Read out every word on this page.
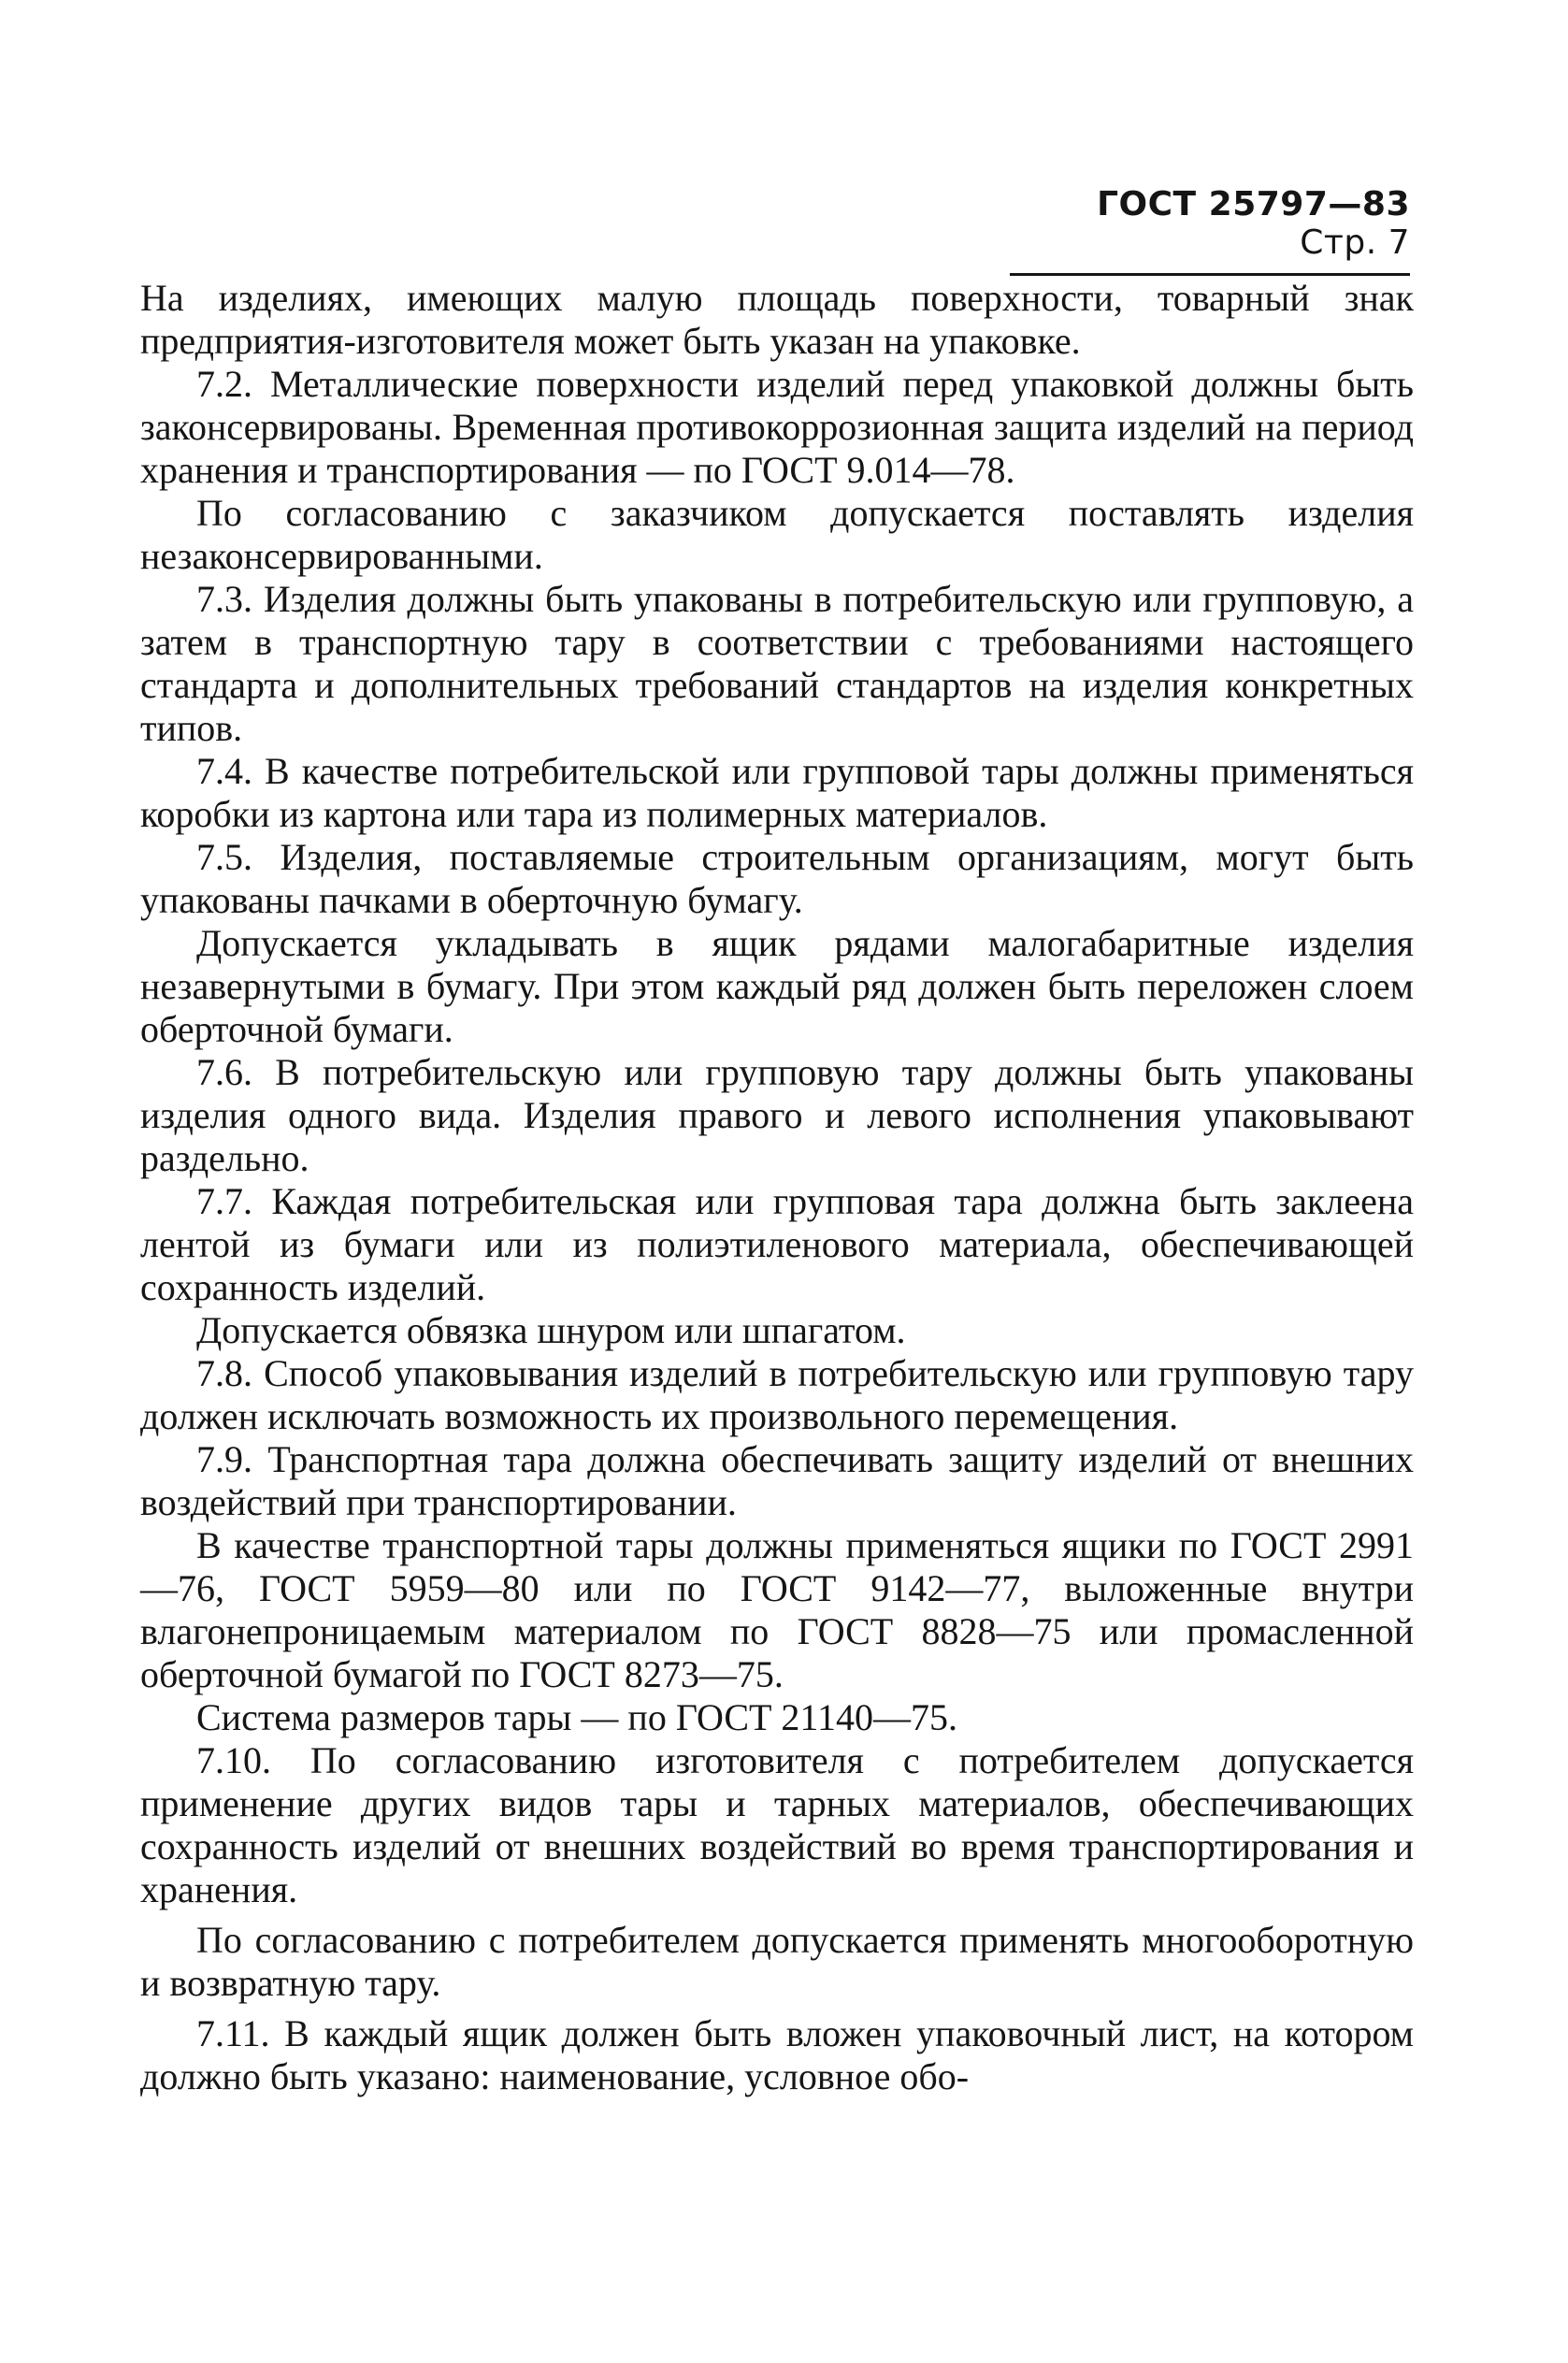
ГОСТ 25797—83 Стр. 7

На изделиях, имеющих малую площадь поверхности, товарный знак предприятия-изготовителя может быть указан на упаковке.

7.2. Металлические поверхности изделий перед упаковкой должны быть законсервированы. Временная противокоррозионная защита изделий на период хранения и транспортирования — по ГОСТ 9.014—78.

По согласованию с заказчиком допускается поставлять изделия незаконсервированными.

7.3. Изделия должны быть упакованы в потребительскую или групповую, а затем в транспортную тару в соответствии с требованиями настоящего стандарта и дополнительных требований стандартов на изделия конкретных типов.

7.4. В качестве потребительской или групповой тары должны применяться коробки из картона или тара из полимерных материалов.

7.5. Изделия, поставляемые строительным организациям, могут быть упакованы пачками в оберточную бумагу.

Допускается укладывать в ящик рядами малогабаритные изделия незавернутыми в бумагу. При этом каждый ряд должен быть переложен слоем оберточной бумаги.

7.6. В потребительскую или групповую тару должны быть упакованы изделия одного вида. Изделия правого и левого исполнения упаковывают раздельно.

7.7. Каждая потребительская или групповая тара должна быть заклеена лентой из бумаги или из полиэтиленового материала, обеспечивающей сохранность изделий.

Допускается обвязка шнуром или шпагатом.

7.8. Способ упаковывания изделий в потребительскую или групповую тару должен исключать возможность их произвольного перемещения.

7.9. Транспортная тара должна обеспечивать защиту изделий от внешних воздействий при транспортировании.

В качестве транспортной тары должны применяться ящики по ГОСТ 2991—76, ГОСТ 5959—80 или по ГОСТ 9142—77, выложенные внутри влагонепроницаемым материалом по ГОСТ 8828—75 или промасленной оберточной бумагой по ГОСТ 8273—75.

Система размеров тары — по ГОСТ 21140—75.

7.10. По согласованию изготовителя с потребителем допускается применение других видов тары и тарных материалов, обеспечивающих сохранность изделий от внешних воздействий во время транспортирования и хранения.

По согласованию с потребителем допускается применять многооборотную и возвратную тару.

7.11. В каждый ящик должен быть вложен упаковочный лист, на котором должно быть указано: наименование, условное обо-
